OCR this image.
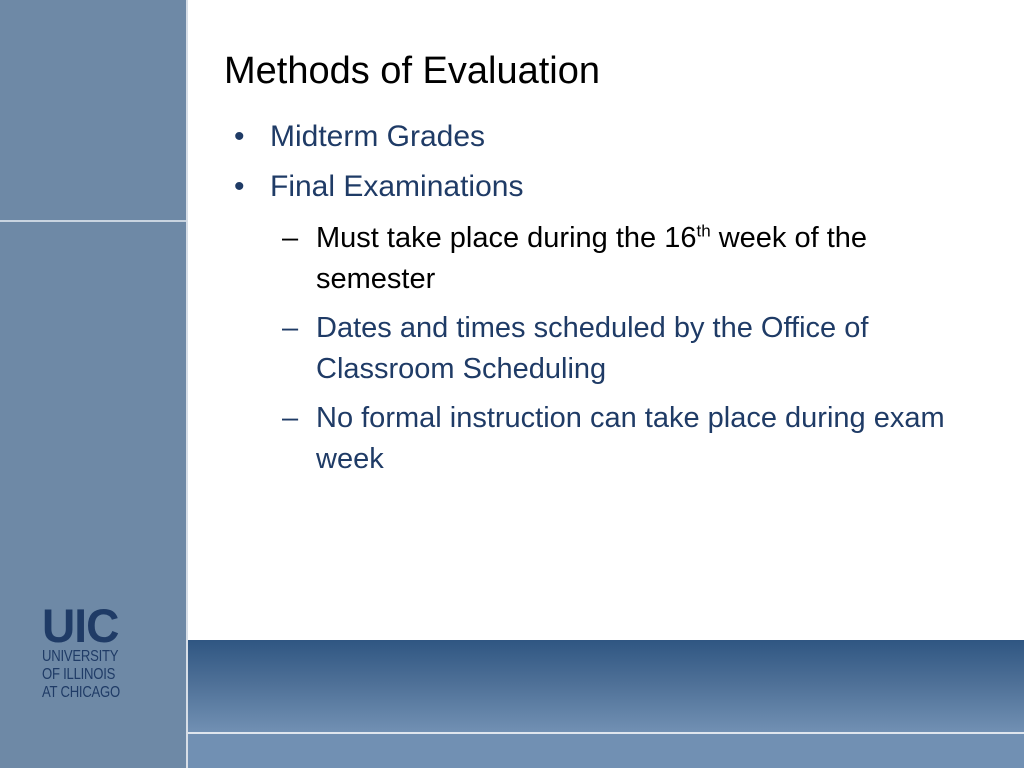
UIC
UNIVERSITY
OF ILLINOIS
AT CHICAGO
Methods of Evaluation
• Midterm Grades
• Final Examinations
– Must take place during the 16th week of the semester
– Dates and times scheduled by the Office of Classroom Scheduling
– No formal instruction can take place during exam week
